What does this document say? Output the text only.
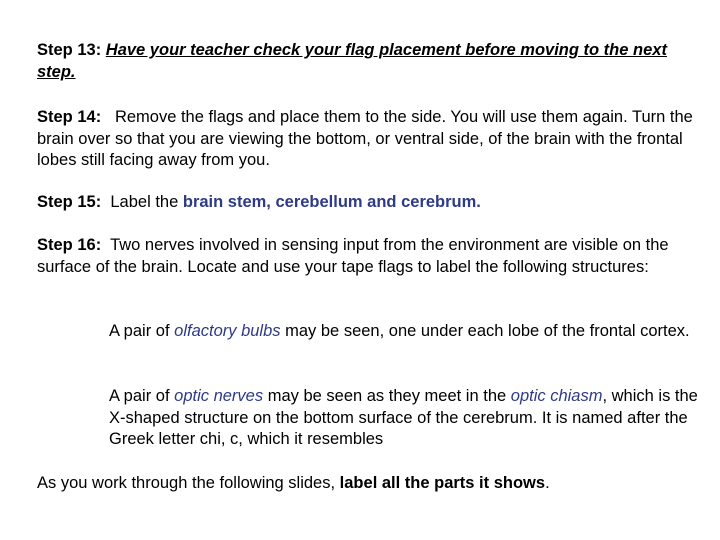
Step 13: Have your teacher check your flag placement before moving to the next step.

Step 14: Remove the flags and place them to the side. You will use them again. Turn the brain over so that you are viewing the bottom, or ventral side, of the brain with the frontal lobes still facing away from you.

Step 15: Label the brain stem, cerebellum and cerebrum.

Step 16: Two nerves involved in sensing input from the environment are visible on the surface of the brain. Locate and use your tape flags to label the following structures:

A pair of olfactory bulbs may be seen, one under each lobe of the frontal cortex.

A pair of optic nerves may be seen as they meet in the optic chiasm, which is the X-shaped structure on the bottom surface of the cerebrum. It is named after the Greek letter chi, c, which it resembles

As you work through the following slides, label all the parts it shows.
